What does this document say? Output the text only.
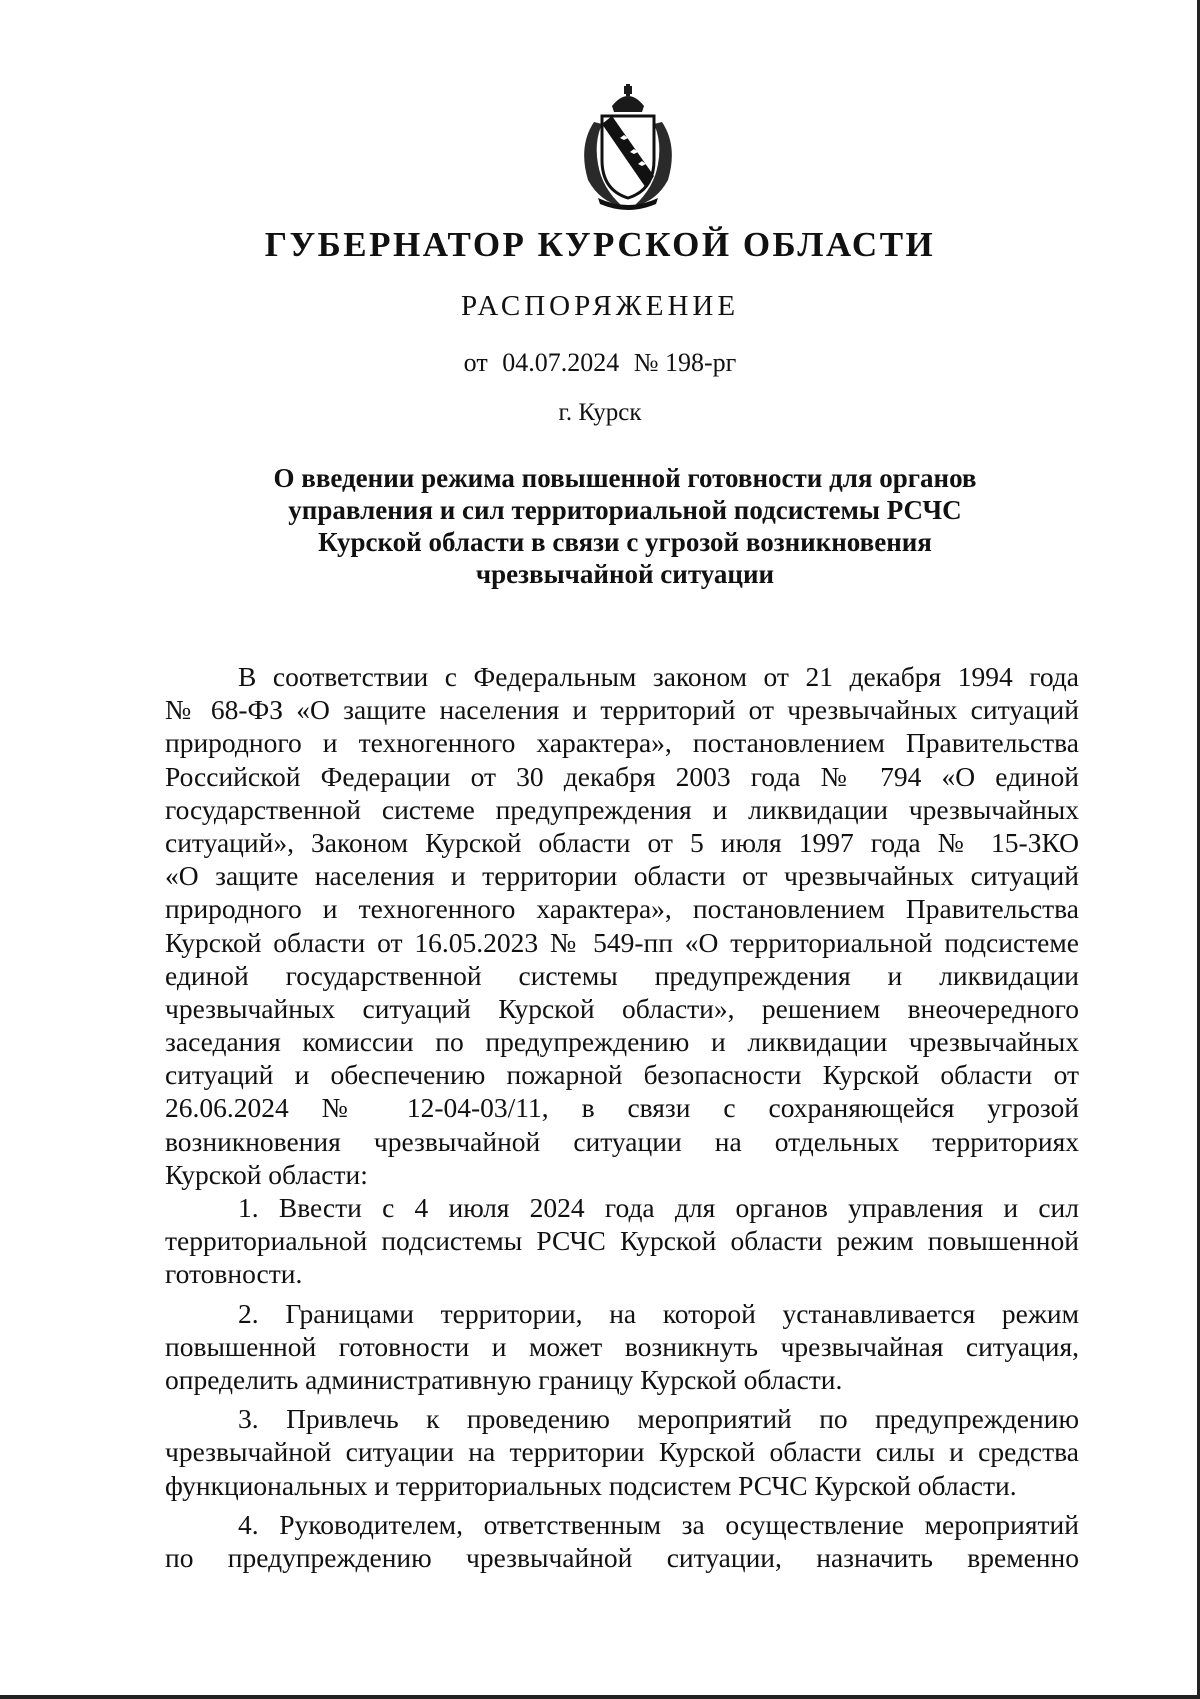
ГУБЕРНАТОР КУРСКОЙ ОБЛАСТИ
РАСПОРЯЖЕНИЕ
от 04.07.2024 № 198-рг
г. Курск
О введении режима повышенной готовности для органов
управления и сил территориальной подсистемы РСЧС
Курской области в связи с угрозой возникновения
чрезвычайной ситуации
В соответствии с Федеральным законом от 21 декабря 1994 года
№ 68-ФЗ «О защите населения и территорий от чрезвычайных ситуаций
природного и техногенного характера», постановлением Правительства
Российской Федерации от 30 декабря 2003 года № 794 «О единой
государственной системе предупреждения и ликвидации чрезвычайных
ситуаций», Законом Курской области от 5 июля 1997 года № 15-ЗКО
«О защите населения и территории области от чрезвычайных ситуаций
природного и техногенного характера», постановлением Правительства
Курской области от 16.05.2023 № 549-пп «О территориальной подсистеме
единой государственной системы предупреждения и ликвидации
чрезвычайных ситуаций Курской области», решением внеочередного
заседания комиссии по предупреждению и ликвидации чрезвычайных
ситуаций и обеспечению пожарной безопасности Курской области от
26.06.2024 № 12-04-03/11, в связи с сохраняющейся угрозой
возникновения чрезвычайной ситуации на отдельных территориях
Курской области:
1. Ввести с 4 июля 2024 года для органов управления и сил
территориальной подсистемы РСЧС Курской области режим повышенной
готовности.
2. Границами территории, на которой устанавливается режим
повышенной готовности и может возникнуть чрезвычайная ситуация,
определить административную границу Курской области.
3. Привлечь к проведению мероприятий по предупреждению
чрезвычайной ситуации на территории Курской области силы и средства
функциональных и территориальных подсистем РСЧС Курской области.
4. Руководителем, ответственным за осуществление мероприятий
по предупреждению чрезвычайной ситуации, назначить временно
